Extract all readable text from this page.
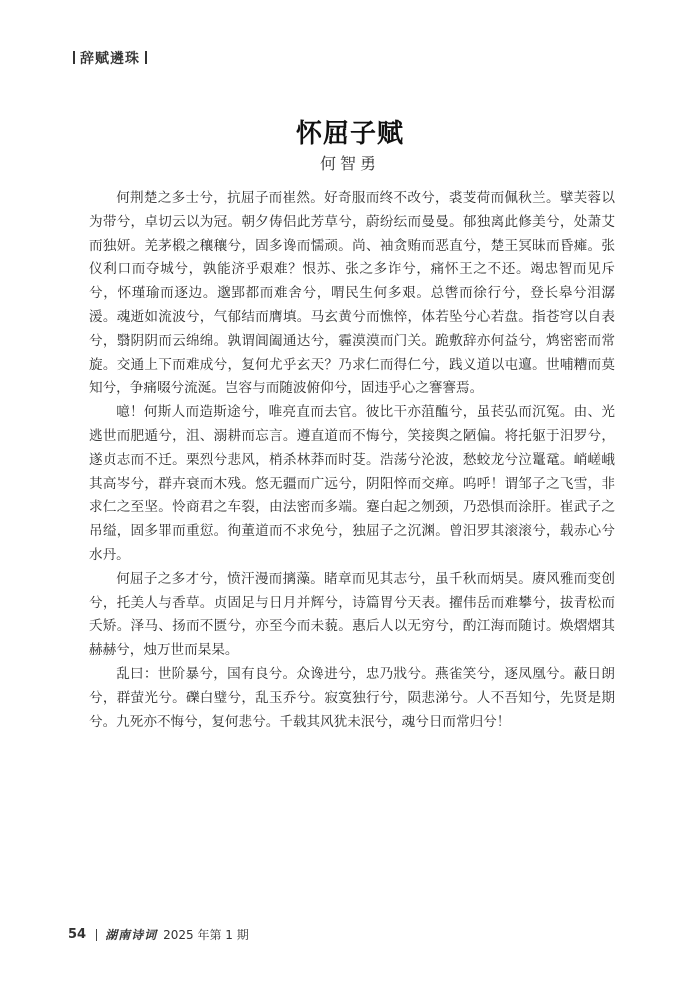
辞赋遴珠
怀屈子赋
何智勇

何荆楚之多士兮，抗屈子而崔然。好奇服而终不改兮，裘芰荷而佩秋兰。擘芙蓉以为带兮，卓切云以为冠。朝夕俦侣此芳草兮，蔚纷纭而曼曼。郁独离此修美兮，处萧艾而独妍。羌茅椴之穰穰兮，固多谗而懦顽。尚、袖贪贿而恶直兮，楚王冥昧而昏瘫。张仪利口而夺城兮，孰能济乎艰难？恨苏、张之多诈兮，痛怀王之不还。竭忠智而见斥兮，怀瑾瑜而逐边。邈郢都而难舍兮，喟民生何多艰。总辔而徐行兮，登长皋兮泪潺湲。魂逝如流波兮，气郁结而膺填。马玄黄兮而憔悴，体若坠兮心若盘。指苍穹以自表兮，翳阴阴而云绵绵。孰谓阊阖通达兮，霾漠漠而门关。跪敷辞亦何益兮，鸩密密而常旋。交通上下而难成兮，复何尤乎玄天？乃求仁而得仁兮，践义道以屯邅。世哺糟而莫知兮，争痛啜兮流涎。岂容与而随波俯仰兮，固违乎心之謇謇焉。

噫！何斯人而造斯途兮，唯亮直而去官。彼比干亦菹醢兮，虽苌弘而沉冤。由、光逃世而肥遁兮，沮、溺耕而忘言。遵直道而不悔兮，笑接舆之陋偏。将托躯于汨罗兮，遂贞志而不迁。栗烈兮悲风，梢杀林莽而时芟。浩荡兮沦波，愁蛟龙兮泣鼍鼋。峭嵯峨其高岑兮，群卉衰而木残。悠无疆而广远兮，阴阳悴而交瘅。呜呼！谓邹子之飞雪，非求仁之至坚。怜商君之车裂，由法密而多端。蹇白起之刎颈，乃恐惧而涂肝。崔武子之吊缢，固多罪而重愆。徇董道而不求免兮，独屈子之沉渊。曾汨罗其滚滚兮，载赤心兮水丹。

何屈子之多才兮，愤汗漫而摛藻。睹章而见其志兮，虽千秋而炳昊。赓风雅而变创兮，托美人与香草。贞固足与日月并辉兮，诗篇胃兮天表。擢伟岳而难攀兮，拔青松而夭矫。泽马、扬而不匮兮，亦至今而未藐。惠后人以无穷兮，酌江海而随讨。焕熠熠其赫赫兮，烛万世而杲杲。

乱曰：世阶暴兮，国有良兮。众谗进兮，忠乃戕兮。燕雀笑兮，逐凤凰兮。蔽日朗兮，群萤光兮。礫白璧兮，乱玉乔兮。寂寞独行兮，陨悲涕兮。人不吾知兮，先贤是期兮。九死亦不悔兮，复何悲兮。千载其风犹未泯兮，魂兮日而常归兮！

54 湖南诗词 2025 年第 1 期
